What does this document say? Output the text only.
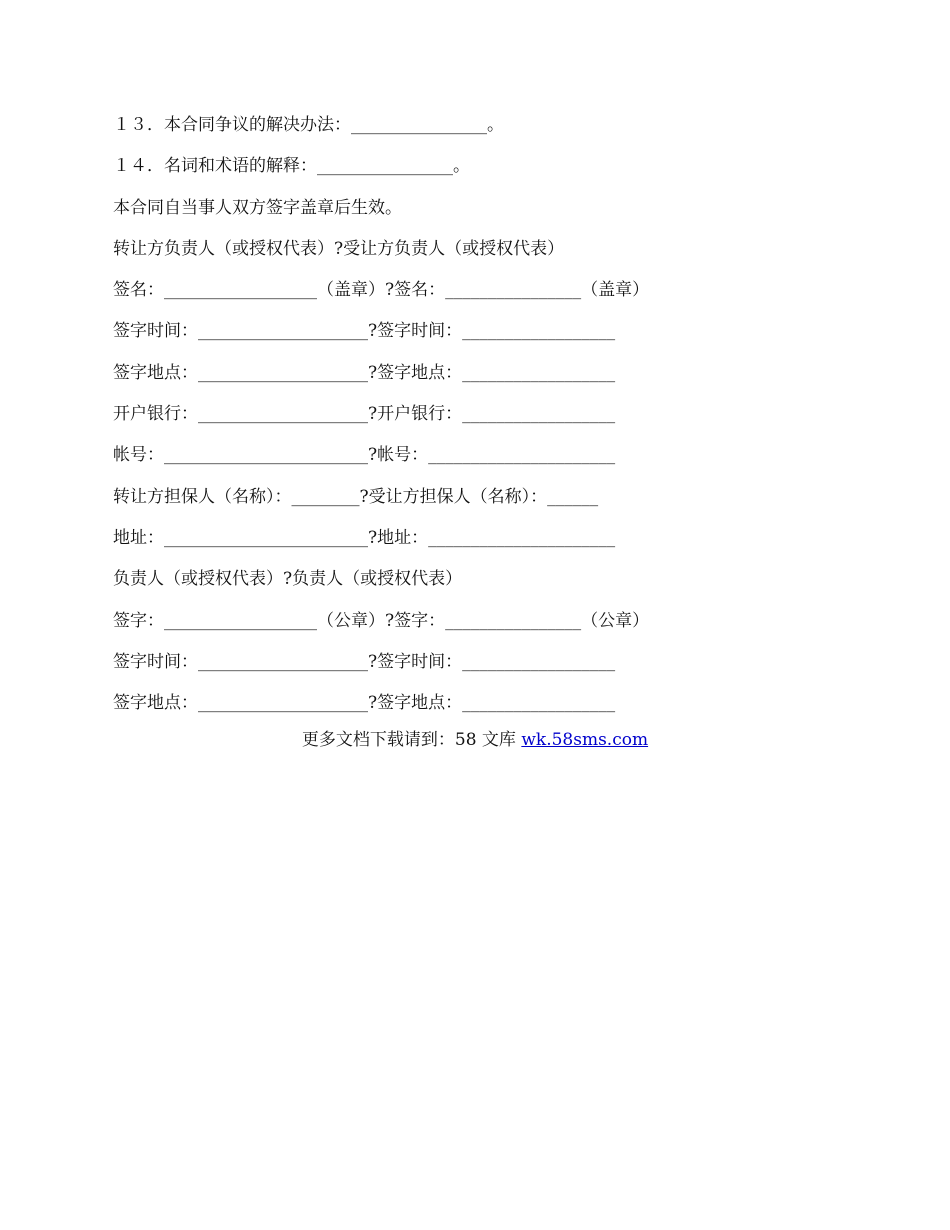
１３．本合同争议的解决办法：________________。
１４．名词和术语的解释：________________。
本合同自当事人双方签字盖章后生效。
转让方负责人（或授权代表）?受让方负责人（或授权代表）
签名：__________________（盖章）?签名：________________（盖章）
签字时间：____________________?签字时间：__________________
签字地点：____________________?签字地点：__________________
开户银行：____________________?开户银行：__________________
帐号：________________________?帐号：______________________
转让方担保人（名称）：________?受让方担保人（名称）：______
地址：________________________?地址：______________________
负责人（或授权代表）?负责人（或授权代表）
签字：__________________（公章）?签字：________________（公章）
签字时间：____________________?签字时间：__________________
签字地点：____________________?签字地点：__________________
更多文档下载请到：58 文库 wk.58sms.com
